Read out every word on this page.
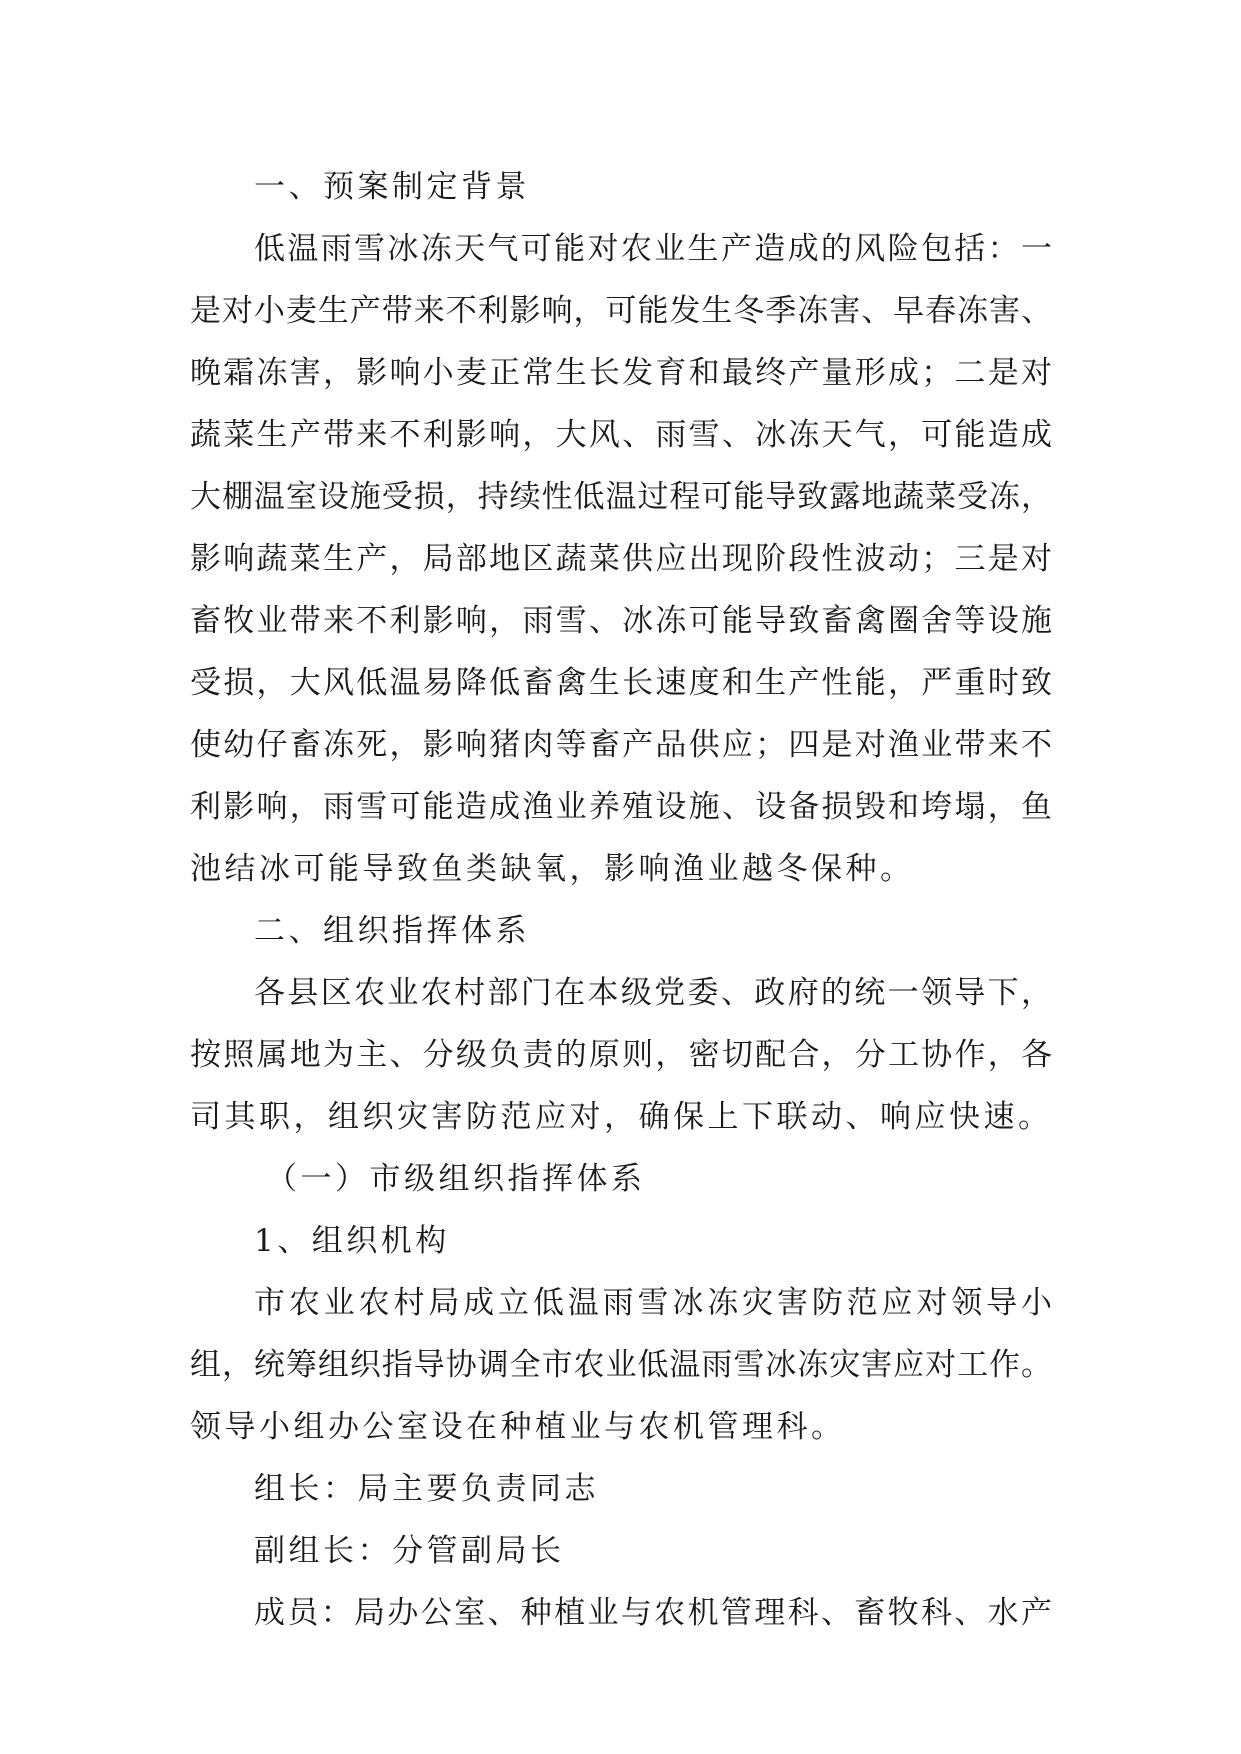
一、预案制定背景
低温雨雪冰冻天气可能对农业生产造成的风险包括：一
是对小麦生产带来不利影响，可能发生冬季冻害、早春冻害、
晚霜冻害，影响小麦正常生长发育和最终产量形成；二是对
蔬菜生产带来不利影响，大风、雨雪、冰冻天气，可能造成
大棚温室设施受损，持续性低温过程可能导致露地蔬菜受冻，
影响蔬菜生产，局部地区蔬菜供应出现阶段性波动；三是对
畜牧业带来不利影响，雨雪、冰冻可能导致畜禽圈舍等设施
受损，大风低温易降低畜禽生长速度和生产性能，严重时致
使幼仔畜冻死，影响猪肉等畜产品供应；四是对渔业带来不
利影响，雨雪可能造成渔业养殖设施、设备损毁和垮塌，鱼
池结冰可能导致鱼类缺氧，影响渔业越冬保种。
二、组织指挥体系
各县区农业农村部门在本级党委、政府的统一领导下，
按照属地为主、分级负责的原则，密切配合，分工协作，各
司其职，组织灾害防范应对，确保上下联动、响应快速。
（一）市级组织指挥体系
1、组织机构
市农业农村局成立低温雨雪冰冻灾害防范应对领导小
组，统筹组织指导协调全市农业低温雨雪冰冻灾害应对工作。
领导小组办公室设在种植业与农机管理科。
组长：局主要负责同志
副组长：分管副局长
成员：局办公室、种植业与农机管理科、畜牧科、水产
